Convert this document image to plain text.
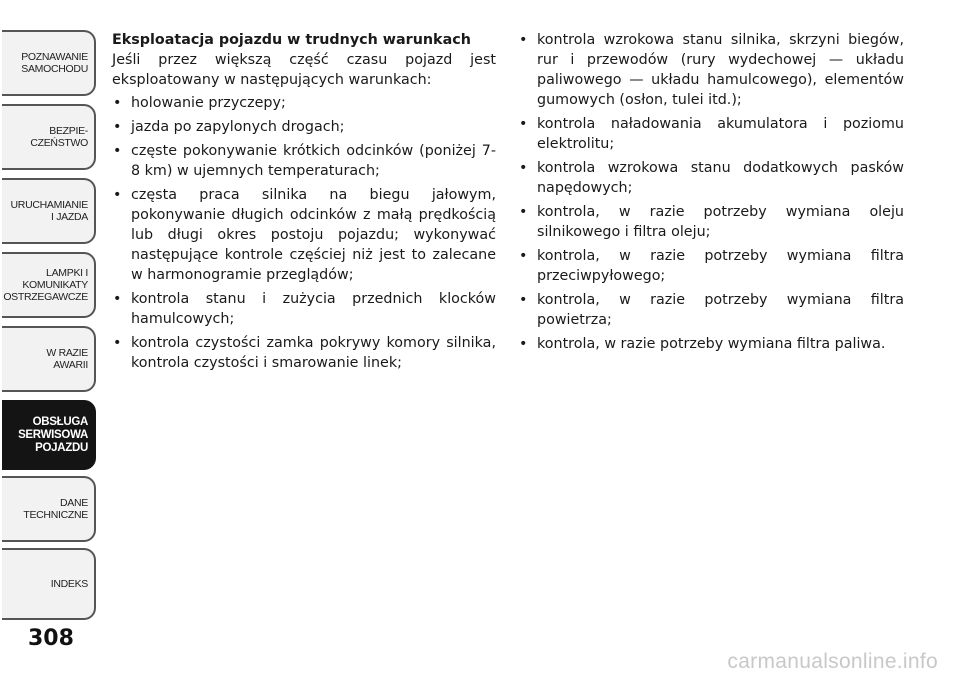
POZNAWANIE
SAMOCHODU
BEZPIE-
CZEŃSTWO
URUCHAMIANIE
I JAZDA
LAMPKI I
KOMUNIKATY
OSTRZEGAWCZE
W RAZIE
AWARII
OBSŁUGA
SERWISOWA
POJAZDU
DANE
TECHNICZNE
INDEKS
308

Eksploatacja pojazdu w trudnych warunkach

Jeśli przez większą część czasu pojazd jest eksploatowany w następujących warunkach:

• holowanie przyczepy;
• jazda po zapylonych drogach;
• częste pokonywanie krótkich odcinków (poniżej 7-8 km) w ujemnych temperaturach;
• częsta praca silnika na biegu jałowym, pokonywanie długich odcinków z małą prędkością lub długi okres postoju pojazdu; wykonywać następujące kontrole częściej niż jest to zalecane w harmonogramie przeglądów;
• kontrola stanu i zużycia przednich klocków hamulcowych;
• kontrola czystości zamka pokrywy komory silnika, kontrola czystości i smarowanie linek;
• kontrola wzrokowa stanu silnika, skrzyni biegów, rur i przewodów (rury wydechowej — układu paliwowego — układu hamulcowego), elementów gumowych (osłon, tulei itd.);
• kontrola naładowania akumulatora i poziomu elektrolitu;
• kontrola wzrokowa stanu dodatkowych pasków napędowych;
• kontrola, w razie potrzeby wymiana oleju silnikowego i filtra oleju;
• kontrola, w razie potrzeby wymiana filtra przeciwpyłowego;
• kontrola, w razie potrzeby wymiana filtra powietrza;
• kontrola, w razie potrzeby wymiana filtra paliwa.
carmanualsonline.info
